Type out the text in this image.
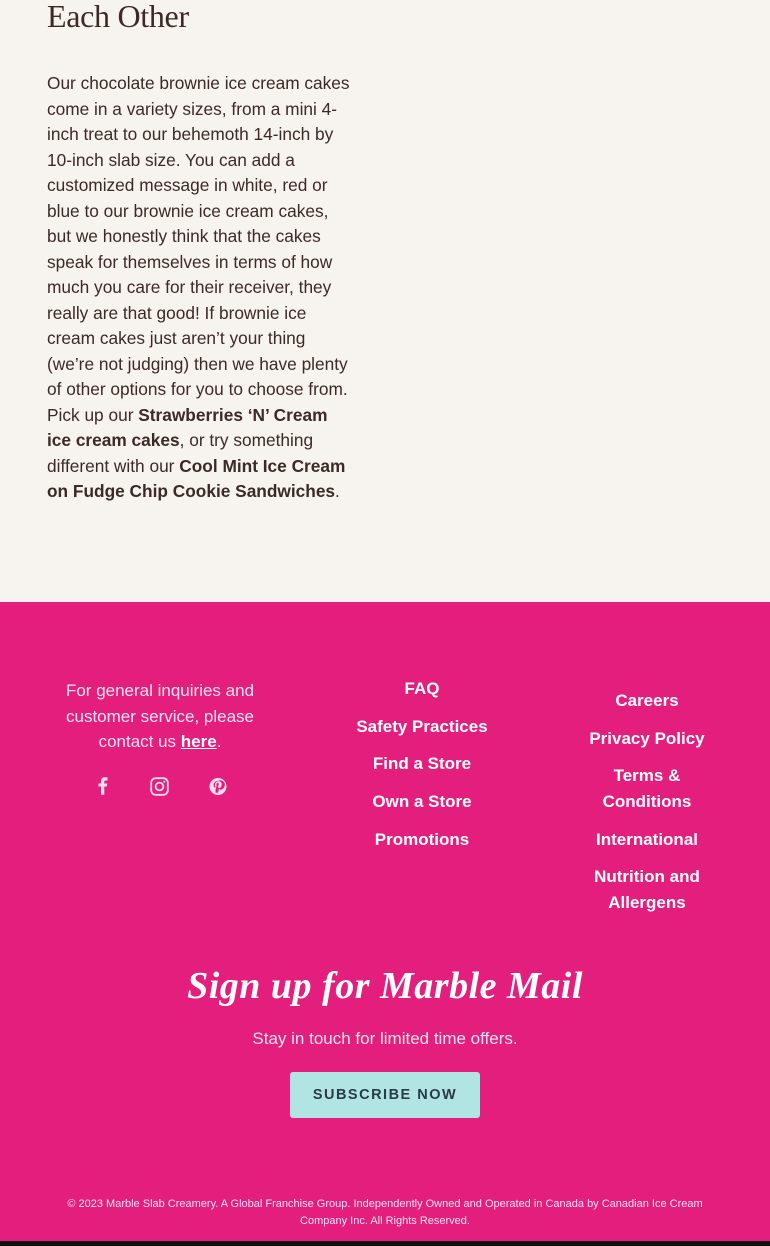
Each Other

Our chocolate brownie ice cream cakes come in a variety sizes, from a mini 4-inch treat to our behemoth 14-inch by 10-inch slab size. You can add a customized message in white, red or blue to our brownie ice cream cakes, but we honestly think that the cakes speak for themselves in terms of how much you care for their receiver, they really are that good! If brownie ice cream cakes just aren’t your thing (we’re not judging) then we have plenty of other options for you to choose from. Pick up our Strawberries ‘N’ Cream ice cream cakes, or try something different with our Cool Mint Ice Cream on Fudge Chip Cookie Sandwiches.

For general inquiries and customer service, please contact us here.
FAQ
Safety Practices
Find a Store
Own a Store
Promotions
Careers
Privacy Policy
Terms & Conditions
International
Nutrition and Allergens
Sign up for Marble Mail

Stay in touch for limited time offers.

SUBSCRIBE NOW

© 2023 Marble Slab Creamery. A Global Franchise Group. Independently Owned and Operated in Canada by Canadian Ice Cream Company Inc. All Rights Reserved.
